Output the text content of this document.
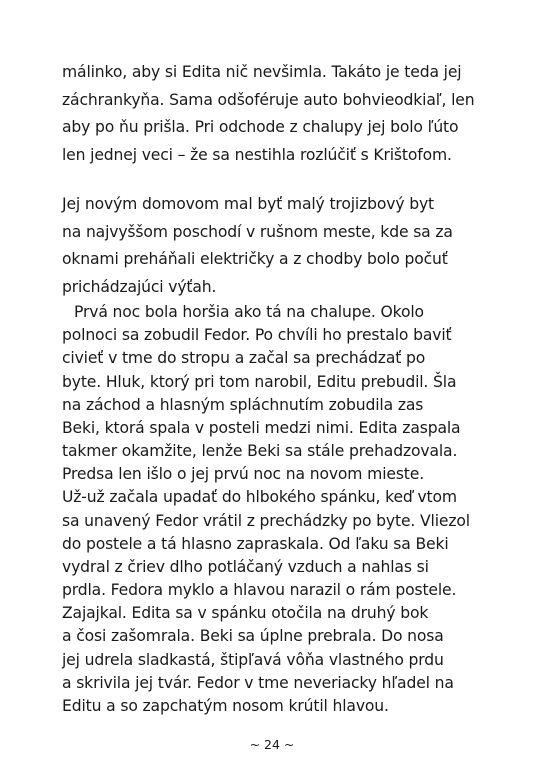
málinko, aby si Edita nič nevšimla. Takáto je teda jej
záchrankyňa. Sama odšoféruje auto bohvieodkiaľ, len
aby po ňu prišla. Pri odchode z chalupy jej bolo ľúto
len jednej veci – že sa nestihla rozlúčiť s Krištofom.
Jej novým domovom mal byť malý trojizbový byt
na najvyššom poschodí v rušnom meste, kde sa za
oknami preháňali električky a z chodby bolo počuť
prichádzajúci výťah.
Prvá noc bola horšia ako tá na chalupe. Okolo
polnoci sa zobudil Fedor. Po chvíli ho prestalo baviť
civieť v tme do stropu a začal sa prechádzať po
byte. Hluk, ktorý pri tom narobil, Editu prebudil. Šla
na záchod a hlasným spláchnutím zobudila zas
Beki, ktorá spala v posteli medzi nimi. Edita zaspala
takmer okamžite, lenže Beki sa stále prehadzovala.
Predsa len išlo o jej prvú noc na novom mieste.
Už-už začala upadať do hlbokého spánku, keď vtom
sa unavený Fedor vrátil z prechádzky po byte. Vliezol
do postele a tá hlasno zapraskala. Od ľaku sa Beki
vydral z čriev dlho potláčaný vzduch a nahlas si
prdla. Fedora myklo a hlavou narazil o rám postele.
Zajajkal. Edita sa v spánku otočila na druhý bok
a čosi zašomrala. Beki sa úplne prebrala. Do nosa
jej udrela sladkastá, štipľavá vôňa vlastného prdu
a skrivila jej tvár. Fedor v tme neveriacky hľadel na
Editu a so zapchatým nosom krútil hlavou.
~ 24 ~
